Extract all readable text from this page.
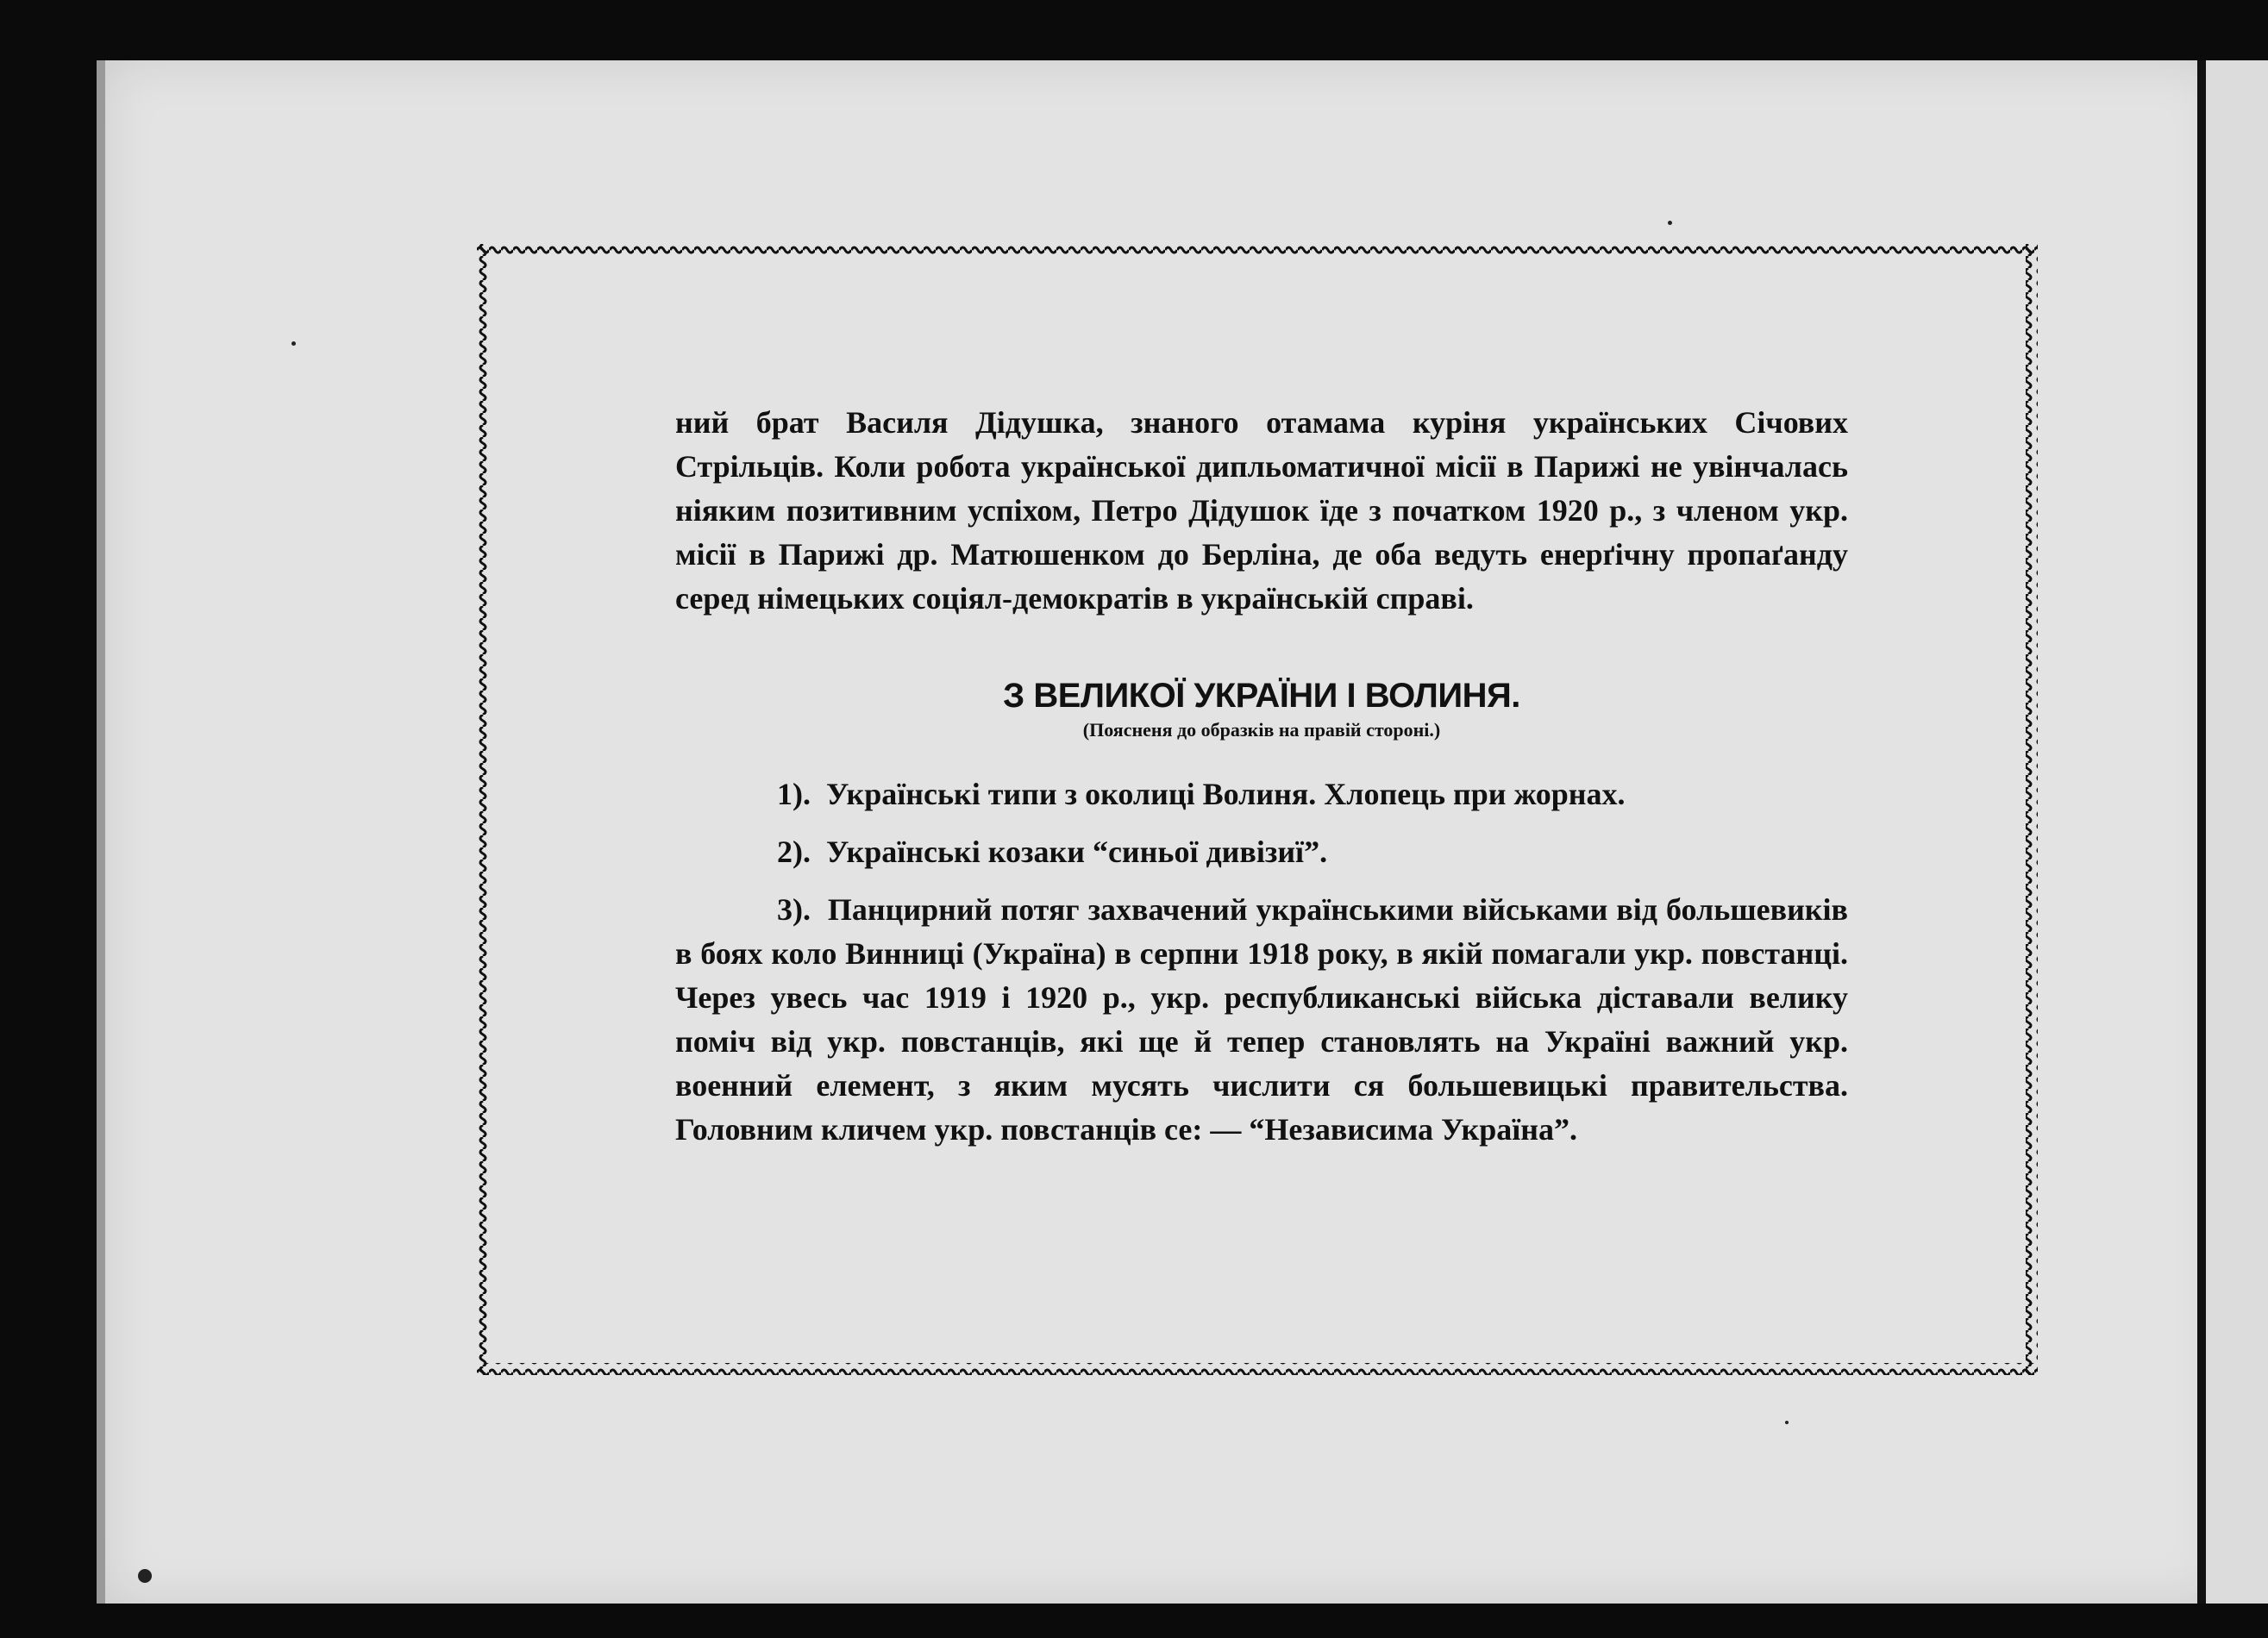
ний брат Василя Дідушка, знаного отамама куріня українських Січових Стрільців. Коли робота української дипльоматичної місії в Парижі не увінчалась ніяким позитивним успіхом, Петро Дідушок їде з початком 1920 р., з членом укр. місії в Парижі др. Матюшенком до Берліна, де оба ведуть енерґічну пропаґанду серед німецьких соціял-демократів в українській справі.

З ВЕЛИКОЇ УКРАЇНИ І ВОЛИНЯ.
(Поясненя до образків на правій стороні.)

1). Українські типи з околиці Волиня. Хлопець при жорнах.

2). Українські козаки “синьої дивізиї”.

3). Панцирний потяг захвачений українськими військами від большевиків в боях коло Винниці (Україна) в серпни 1918 року, в якій помагали укр. повстанці. Через увесь час 1919 і 1920 р., укр. республиканські війська діставали велику поміч від укр. повстанців, які ще й тепер становлять на Україні важний укр. военний елемент, з яким мусять числити ся большевицькі правительства. Головним кличем укр. повстанців се: — “Независима Україна”.
